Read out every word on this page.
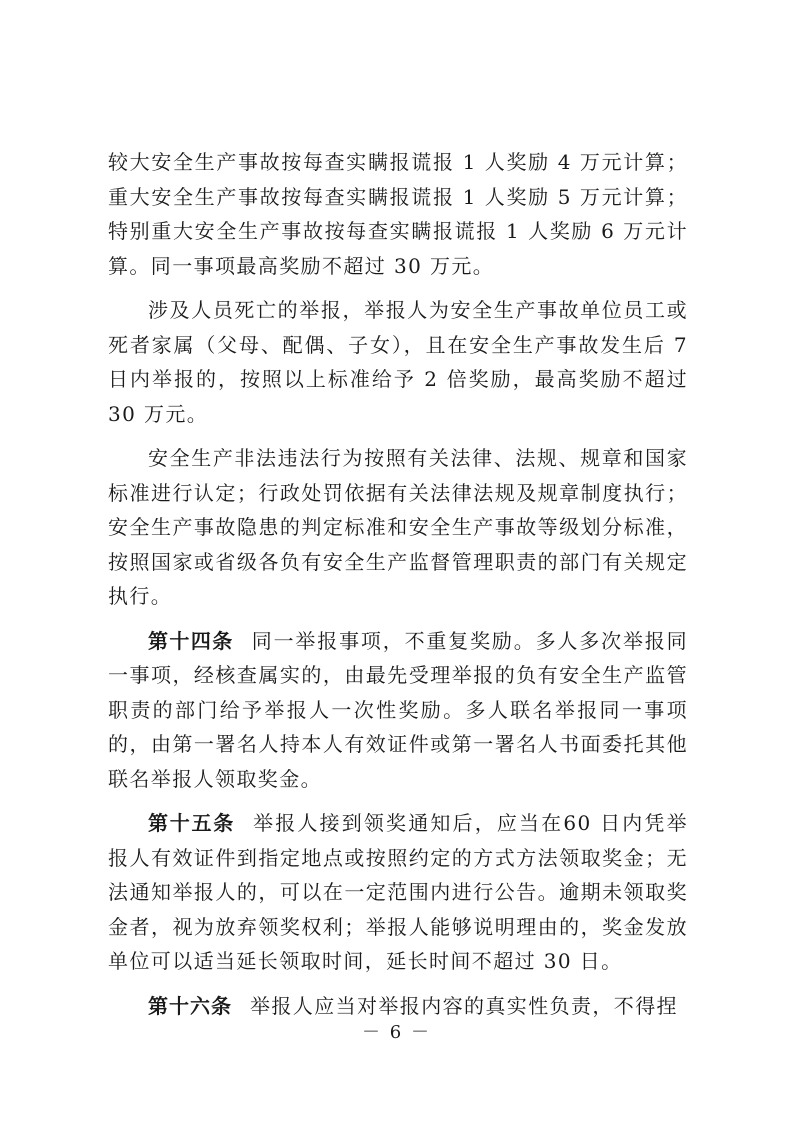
较大安全生产事故按每查实瞒报谎报 1 人奖励 4 万元计算；重大安全生产事故按每查实瞒报谎报 1 人奖励 5 万元计算；特别重大安全生产事故按每查实瞒报谎报 1 人奖励 6 万元计算。同一事项最高奖励不超过 30 万元。

涉及人员死亡的举报，举报人为安全生产事故单位员工或死者家属（父母、配偶、子女），且在安全生产事故发生后 7 日内举报的，按照以上标准给予 2 倍奖励，最高奖励不超过 30 万元。

安全生产非法违法行为按照有关法律、法规、规章和国家标准进行认定；行政处罚依据有关法律法规及规章制度执行；安全生产事故隐患的判定标准和安全生产事故等级划分标准，按照国家或省级各负有安全生产监督管理职责的部门有关规定执行。

第十四条 同一举报事项，不重复奖励。多人多次举报同一事项，经核查属实的，由最先受理举报的负有安全生产监管职责的部门给予举报人一次性奖励。多人联名举报同一事项的，由第一署名人持本人有效证件或第一署名人书面委托其他联名举报人领取奖金。

第十五条 举报人接到领奖通知后，应当在60 日内凭举报人有效证件到指定地点或按照约定的方式方法领取奖金；无法通知举报人的，可以在一定范围内进行公告。逾期未领取奖金者，视为放弃领奖权利；举报人能够说明理由的，奖金发放单位可以适当延长领取时间，延长时间不超过 30 日。

第十六条 举报人应当对举报内容的真实性负责，不得捏

－ 6 －
